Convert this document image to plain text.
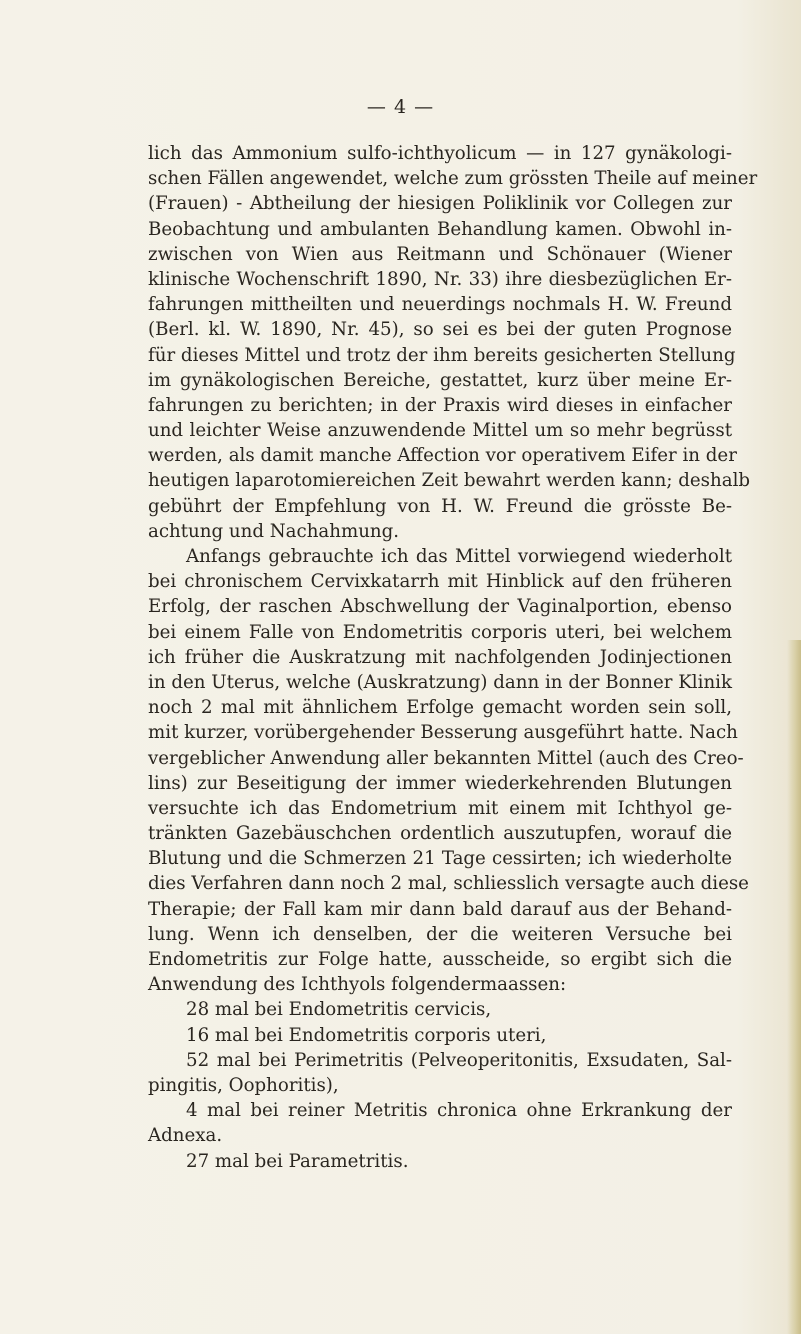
— 4 —
lich das Ammonium sulfo-ichthyolicum — in 127 gynäkologi-
schen Fällen angewendet, welche zum grössten Theile auf meiner
(Frauen) - Abtheilung der hiesigen Poliklinik vor Collegen zur
Beobachtung und ambulanten Behandlung kamen. Obwohl in-
zwischen von Wien aus Reitmann und Schönauer (Wiener
klinische Wochenschrift 1890, Nr. 33) ihre diesbezüglichen Er-
fahrungen mittheilten und neuerdings nochmals H. W. Freund
(Berl. kl. W. 1890, Nr. 45), so sei es bei der guten Prognose
für dieses Mittel und trotz der ihm bereits gesicherten Stellung
im gynäkologischen Bereiche, gestattet, kurz über meine Er-
fahrungen zu berichten; in der Praxis wird dieses in einfacher
und leichter Weise anzuwendende Mittel um so mehr begrüsst
werden, als damit manche Affection vor operativem Eifer in der
heutigen laparotomiereichen Zeit bewahrt werden kann; deshalb
gebührt der Empfehlung von H. W. Freund die grösste Be-
achtung und Nachahmung.
Anfangs gebrauchte ich das Mittel vorwiegend wiederholt
bei chronischem Cervixkatarrh mit Hinblick auf den früheren
Erfolg, der raschen Abschwellung der Vaginalportion, ebenso
bei einem Falle von Endometritis corporis uteri, bei welchem
ich früher die Auskratzung mit nachfolgenden Jodinjectionen
in den Uterus, welche (Auskratzung) dann in der Bonner Klinik
noch 2 mal mit ähnlichem Erfolge gemacht worden sein soll,
mit kurzer, vorübergehender Besserung ausgeführt hatte. Nach
vergeblicher Anwendung aller bekannten Mittel (auch des Creo-
lins) zur Beseitigung der immer wiederkehrenden Blutungen
versuchte ich das Endometrium mit einem mit Ichthyol ge-
tränkten Gazebäuschchen ordentlich auszutupfen, worauf die
Blutung und die Schmerzen 21 Tage cessirten; ich wiederholte
dies Verfahren dann noch 2 mal, schliesslich versagte auch diese
Therapie; der Fall kam mir dann bald darauf aus der Behand-
lung. Wenn ich denselben, der die weiteren Versuche bei
Endometritis zur Folge hatte, ausscheide, so ergibt sich die
Anwendung des Ichthyols folgendermaassen:
28 mal bei Endometritis cervicis,
16 mal bei Endometritis corporis uteri,
52 mal bei Perimetritis (Pelveoperitonitis, Exsudaten, Sal-
pingitis, Oophoritis),
4 mal bei reiner Metritis chronica ohne Erkrankung der
Adnexa.
27 mal bei Parametritis.
